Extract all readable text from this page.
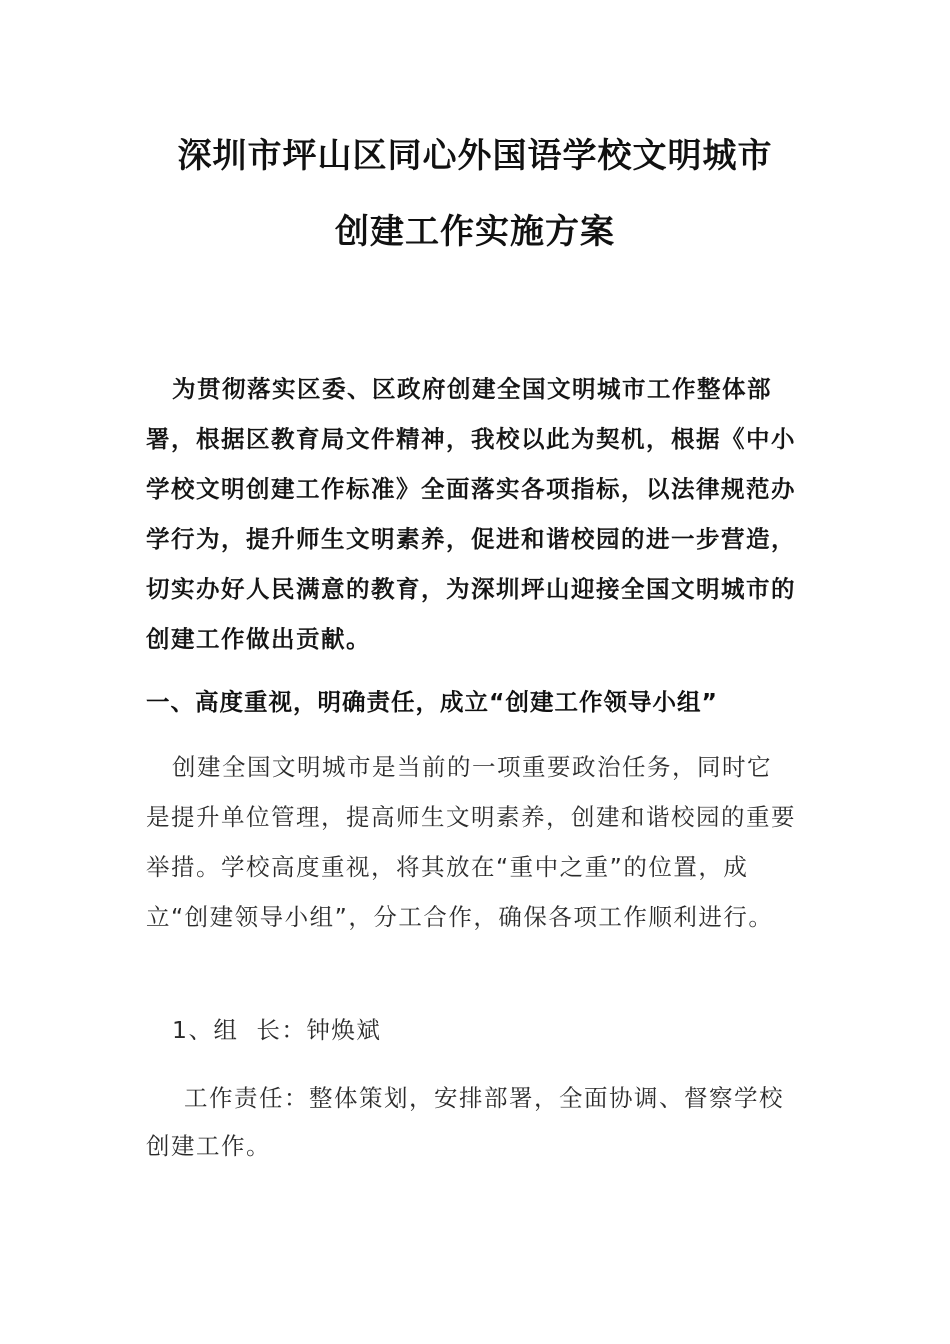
深圳市坪山区同心外国语学校文明城市
创建工作实施方案
为贯彻落实区委、区政府创建全国文明城市工作整体部署，根据区教育局文件精神，我校以此为契机，根据《中小学校文明创建工作标准》全面落实各项指标，以法律规范办学行为，提升师生文明素养，促进和谐校园的进一步营造，切实办好人民满意的教育，为深圳坪山迎接全国文明城市的创建工作做出贡献。
一、高度重视，明确责任，成立“创建工作领导小组”
创建全国文明城市是当前的一项重要政治任务，同时它是提升单位管理，提高师生文明素养，创建和谐校园的重要举措。学校高度重视，将其放在“重中之重”的位置，成立“创建领导小组”，分工合作，确保各项工作顺利进行。
1、组  长：钟焕斌
工作责任：整体策划，安排部署，全面协调、督察学校创建工作。
